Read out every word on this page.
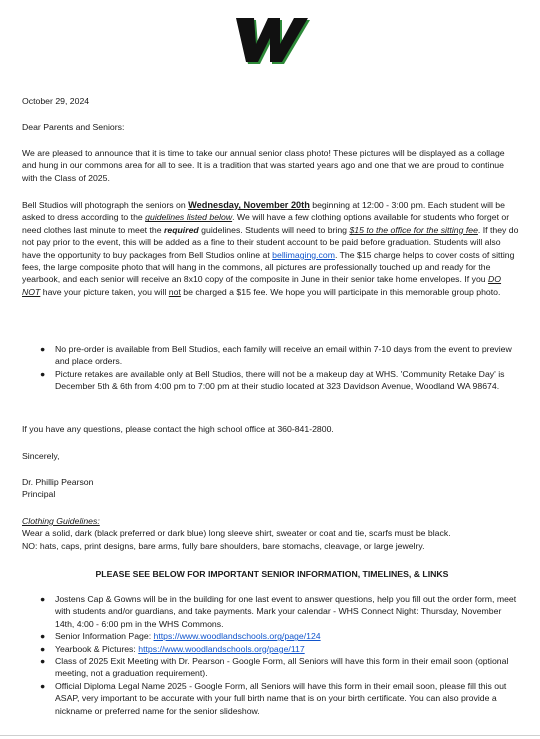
October 29, 2024

Dear Parents and Seniors:

We are pleased to announce that it is time to take our annual senior class photo! These pictures will be displayed as a collage and hung in our commons area for all to see. It is a tradition that was started years ago and one that we are proud to continue with the Class of 2025.

Bell Studios will photograph the seniors on Wednesday, November 20th beginning at 12:00 - 3:00 pm. Each student will be asked to dress according to the guidelines listed below. We will have a few clothing options available for students who forget or need clothes last minute to meet the required guidelines. Students will need to bring $15 to the office for the sitting fee. If they do not pay prior to the event, this will be added as a fine to their student account to be paid before graduation. Students will also have the opportunity to buy packages from Bell Studios online at bellimaging.com. The $15 charge helps to cover costs of sitting fees, the large composite photo that will hang in the commons, all pictures are professionally touched up and ready for the yearbook, and each senior will receive an 8x10 copy of the composite in June in their senior take home envelopes. If you DO NOT have your picture taken, you will not be charged a $15 fee. We hope you will participate in this memorable group photo.

● No pre-order is available from Bell Studios, each family will receive an email within 7-10 days from the event to preview and place orders.
● Picture retakes are available only at Bell Studios, there will not be a makeup day at WHS. 'Community Retake Day' is December 5th & 6th from 4:00 pm to 7:00 pm at their studio located at 323 Davidson Avenue, Woodland WA 98674.

If you have any questions, please contact the high school office at 360-841-2800.

Sincerely,

Dr. Phillip Pearson

Principal

Clothing Guidelines:

Wear a solid, dark (black preferred or dark blue) long sleeve shirt, sweater or coat and tie, scarfs must be black.

NO: hats, caps, print designs, bare arms, fully bare shoulders, bare stomachs, cleavage, or large jewelry.

PLEASE SEE BELOW FOR IMPORTANT SENIOR INFORMATION, TIMELINES, & LINKS

● Jostens Cap & Gowns will be in the building for one last event to answer questions, help you fill out the order form, meet with students and/or guardians, and take payments. Mark your calendar - WHS Connect Night: Thursday, November 14th, 4:00 - 6:00 pm in the WHS Commons.
● Senior Information Page: https://www.woodlandschools.org/page/124
● Yearbook & Pictures: https://www.woodlandschools.org/page/117
● Class of 2025 Exit Meeting with Dr. Pearson - Google Form, all Seniors will have this form in their email soon (optional meeting, not a graduation requirement).
● Official Diploma Legal Name 2025 - Google Form, all Seniors will have this form in their email soon, please fill this out ASAP, very important to be accurate with your full birth name that is on your birth certificate. You can also provide a nickname or preferred name for the senior slideshow.
